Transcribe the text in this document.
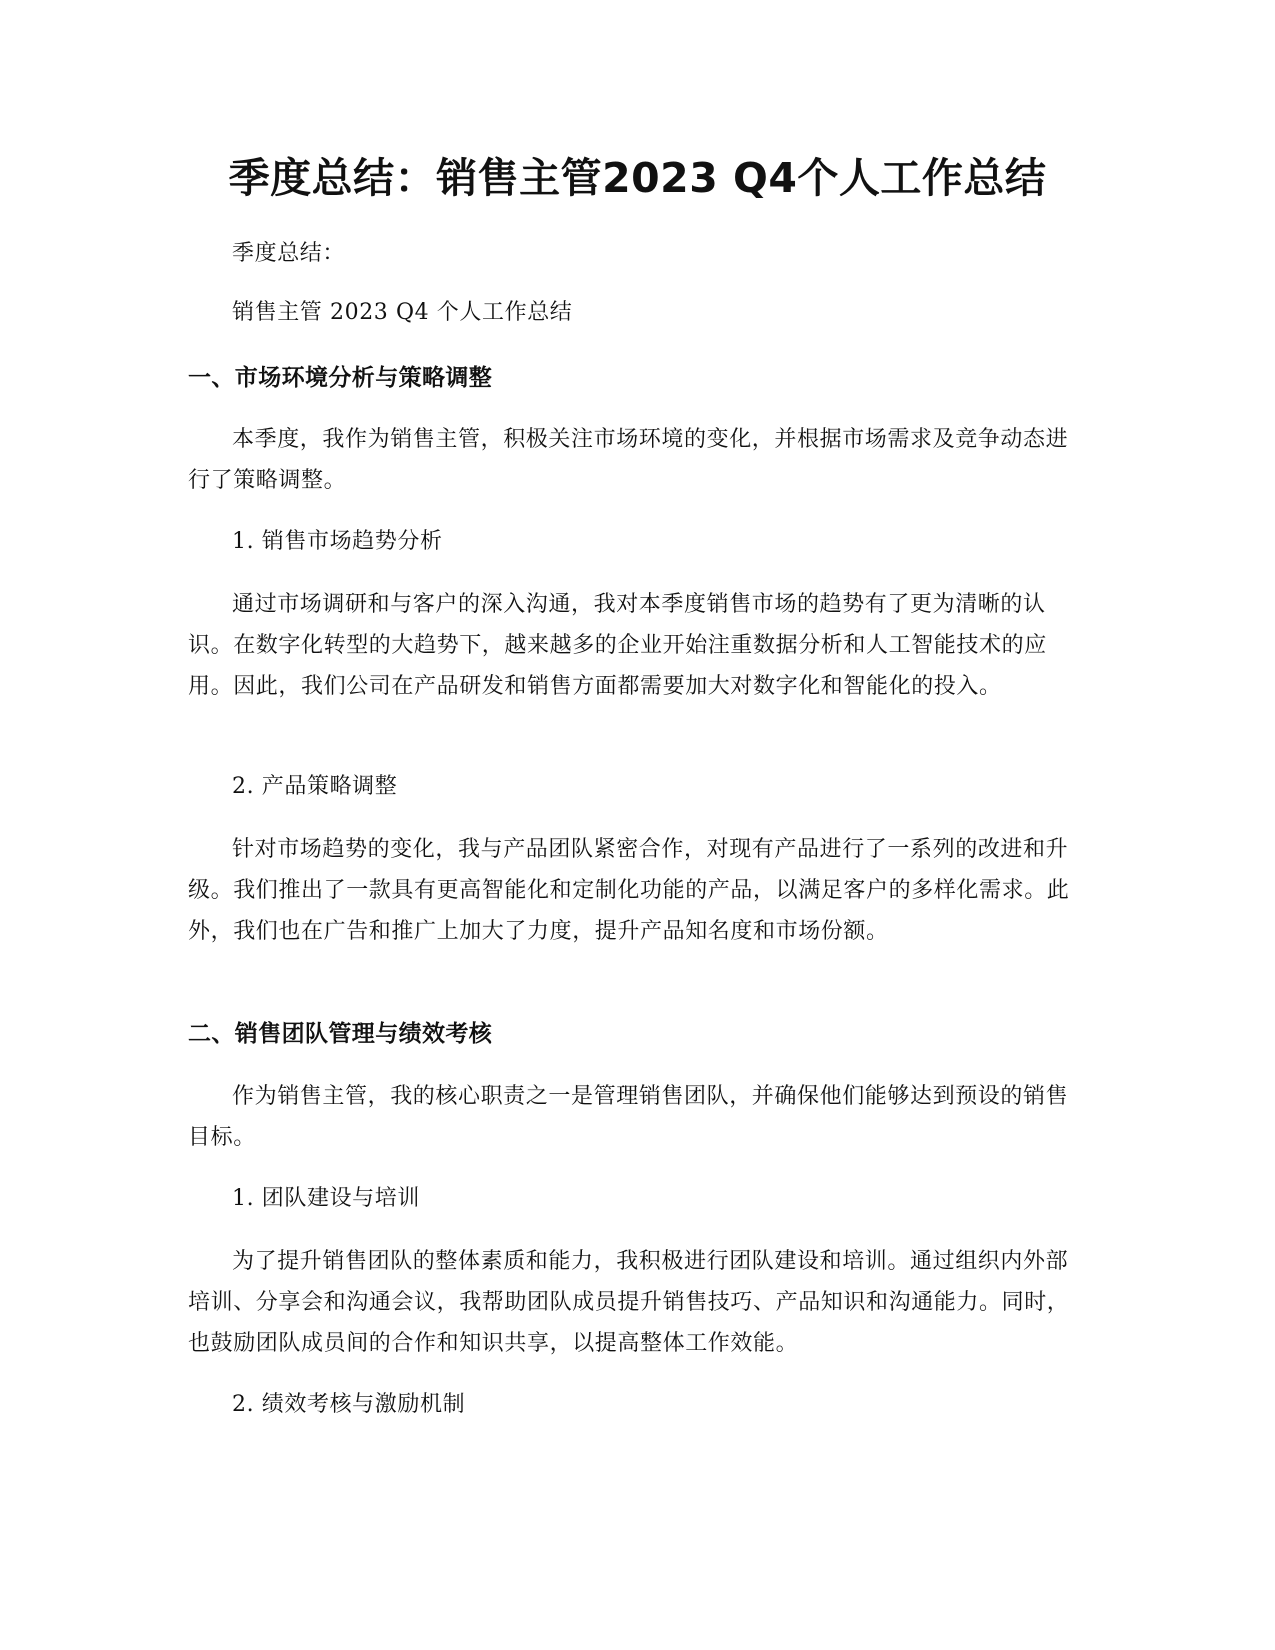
季度总结：销售主管2023 Q4个人工作总结

季度总结：

销售主管 2023 Q4 个人工作总结

一、市场环境分析与策略调整

本季度，我作为销售主管，积极关注市场环境的变化，并根据市场需求及竞争动态进行了策略调整。

1. 销售市场趋势分析

通过市场调研和与客户的深入沟通，我对本季度销售市场的趋势有了更为清晰的认识。在数字化转型的大趋势下，越来越多的企业开始注重数据分析和人工智能技术的应用。因此，我们公司在产品研发和销售方面都需要加大对数字化和智能化的投入。

2. 产品策略调整

针对市场趋势的变化，我与产品团队紧密合作，对现有产品进行了一系列的改进和升级。我们推出了一款具有更高智能化和定制化功能的产品，以满足客户的多样化需求。此外，我们也在广告和推广上加大了力度，提升产品知名度和市场份额。

二、销售团队管理与绩效考核

作为销售主管，我的核心职责之一是管理销售团队，并确保他们能够达到预设的销售目标。

1. 团队建设与培训

为了提升销售团队的整体素质和能力，我积极进行团队建设和培训。通过组织内外部培训、分享会和沟通会议，我帮助团队成员提升销售技巧、产品知识和沟通能力。同时，也鼓励团队成员间的合作和知识共享，以提高整体工作效能。

2. 绩效考核与激励机制
